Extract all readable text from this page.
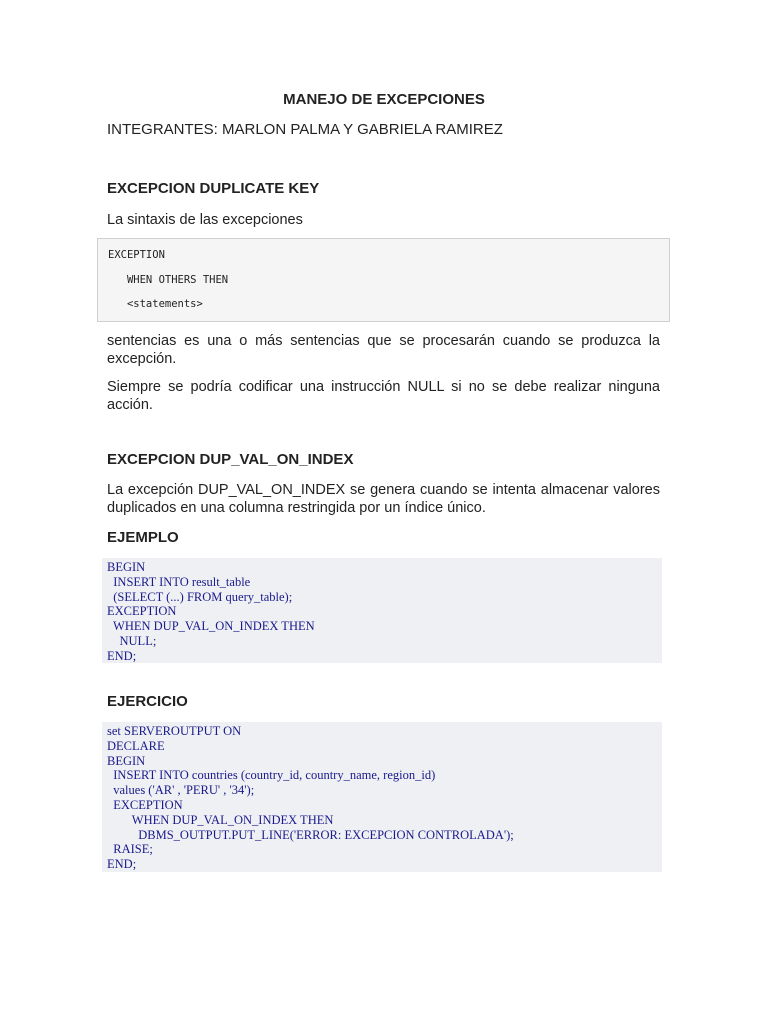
MANEJO DE EXCEPCIONES
INTEGRANTES: MARLON PALMA Y GABRIELA RAMIREZ
EXCEPCION DUPLICATE KEY
La sintaxis de las excepciones
EXCEPTION
WHEN OTHERS THEN
<statements>
sentencias es una o más sentencias que se procesarán cuando se produzca la excepción.
Siempre se podría codificar una instrucción NULL si no se debe realizar ninguna acción.
EXCEPCION DUP_VAL_ON_INDEX
La excepción DUP_VAL_ON_INDEX se genera cuando se intenta almacenar valores duplicados en una columna restringida por un índice único.
EJEMPLO
BEGIN
INSERT INTO result_table
(SELECT (...) FROM query_table);
EXCEPTION
WHEN DUP_VAL_ON_INDEX THEN
NULL;
END;
EJERCICIO
set SERVEROUTPUT ON
DECLARE
BEGIN
INSERT INTO countries (country_id, country_name, region_id)
values ('AR' , 'PERU' , '34');
EXCEPTION
WHEN DUP_VAL_ON_INDEX THEN
DBMS_OUTPUT.PUT_LINE('ERROR: EXCEPCION CONTROLADA');
RAISE;
END;
